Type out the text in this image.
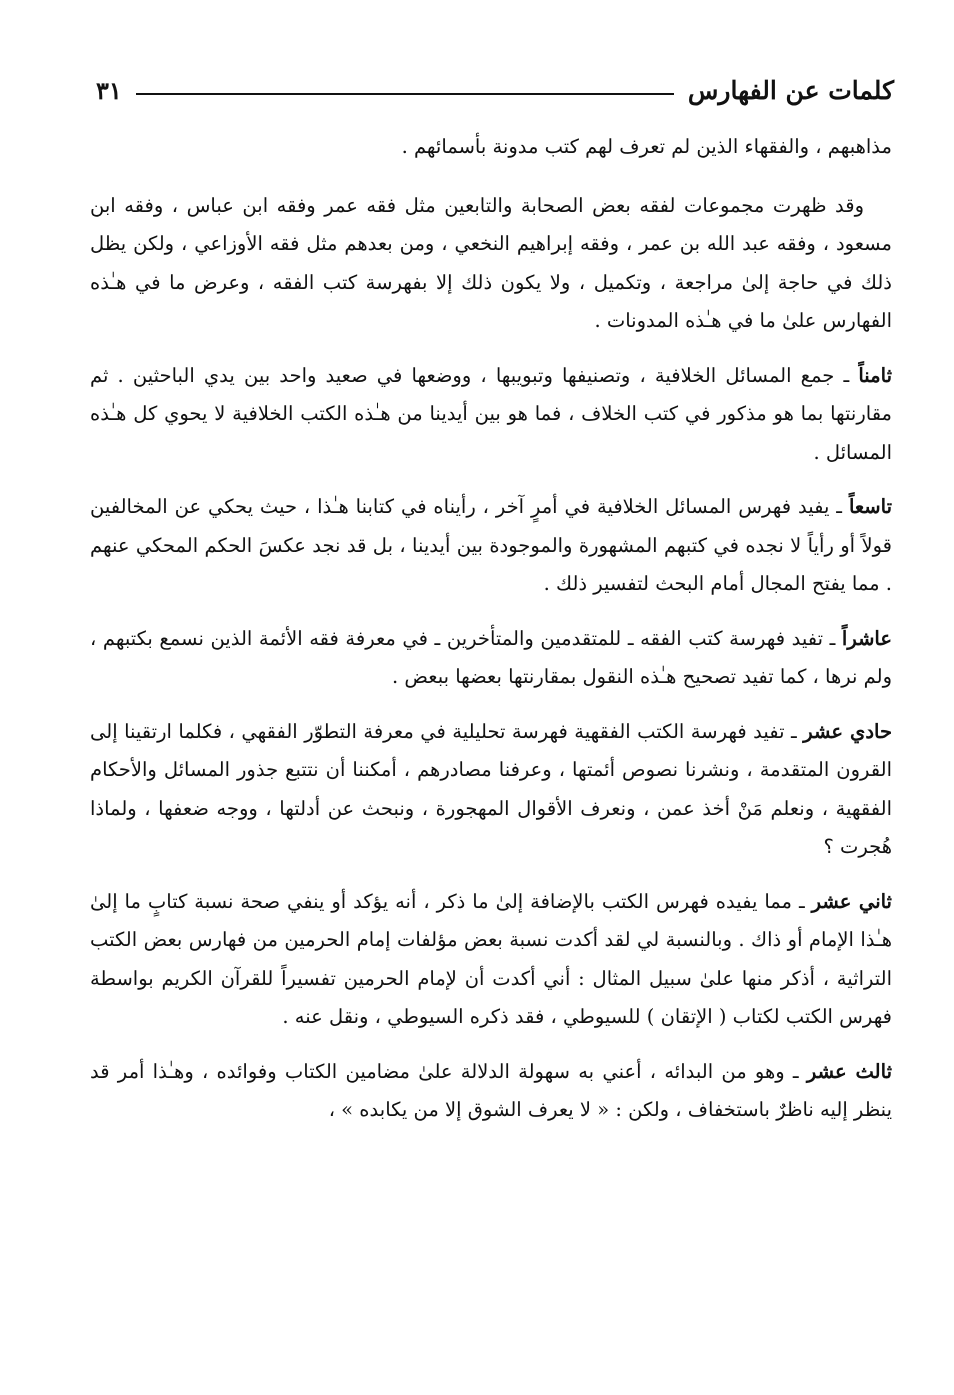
كلمات عن الفهارس
٣١

مذاهبهم ، والفقهاء الذين لم تعرف لهم كتب مدونة بأسمائهم .

وقد ظهرت مجموعات لفقه بعض الصحابة والتابعين مثل فقه عمر وفقه ابن عباس ، وفقه ابن مسعود ، وفقه عبد الله بن عمر ، وفقه إبراهيم النخعي ، ومن بعدهم مثل فقه الأوزاعي ، ولكن يظل ذلك في حاجة إلىٰ مراجعة ، وتكميل ، ولا يكون ذلك إلا بفهرسة كتب الفقه ، وعرض ما في هـٰذه الفهارس علىٰ ما في هـٰذه المدونات .

ثامناً ـ جمع المسائل الخلافية ، وتصنيفها وتبويبها ، ووضعها في صعيد واحد بين يدي الباحثين . ثم مقارنتها بما هو مذكور في كتب الخلاف ، فما هو بين أيدينا من هـٰذه الكتب الخلافية لا يحوي كل هـٰذه المسائل .

تاسعاً ـ يفيد فهرس المسائل الخلافية في أمرٍ آخر ، رأيناه في كتابنا هـٰذا ، حيث يحكي عن المخالفين قولاً أو رأياً لا نجده في كتبهم المشهورة والموجودة بين أيدينا ، بل قد نجد عكسَ الحكم المحكي عنهم . مما يفتح المجال أمام البحث لتفسير ذلك .

عاشراً ـ تفيد فهرسة كتب الفقه ـ للمتقدمين والمتأخرين ـ في معرفة فقه الأئمة الذين نسمع بكتبهم ، ولم نرها ، كما تفيد تصحيح هـٰذه النقول بمقارنتها بعضها ببعض .

حادي عشر ـ تفيد فهرسة الكتب الفقهية فهرسة تحليلية في معرفة التطوّر الفقهي ، فكلما ارتقينا إلى القرون المتقدمة ، ونشرنا نصوص أئمتها ، وعرفنا مصادرهم ، أمكننا أن نتتبع جذور المسائل والأحكام الفقهية ، ونعلم مَنْ أخذ عمن ، ونعرف الأقوال المهجورة ، ونبحث عن أدلتها ، ووجه ضعفها ، ولماذا هُجرت ؟

ثاني عشر ـ مما يفيده فهرس الكتب بالإضافة إلىٰ ما ذكر ، أنه يؤكد أو ينفي صحة نسبة كتابٍ ما إلىٰ هـٰذا الإمام أو ذاك . وبالنسبة لي لقد أكدت نسبة بعض مؤلفات إمام الحرمين من فهارس بعض الكتب التراثية ، أذكر منها علىٰ سبيل المثال : أني أكدت أن لإمام الحرمين تفسيراً للقرآن الكريم بواسطة فهرس الكتب لكتاب ( الإتقان ) للسيوطي ، فقد ذكره السيوطي ، ونقل عنه .

ثالث عشر ـ وهو من البدائه ، أعني به سهولة الدلالة علىٰ مضامين الكتاب وفوائده ، وهـٰذا أمر قد ينظر إليه ناظرٌ باستخفاف ، ولكن : « لا يعرف الشوق إلا من يكابده » ،
